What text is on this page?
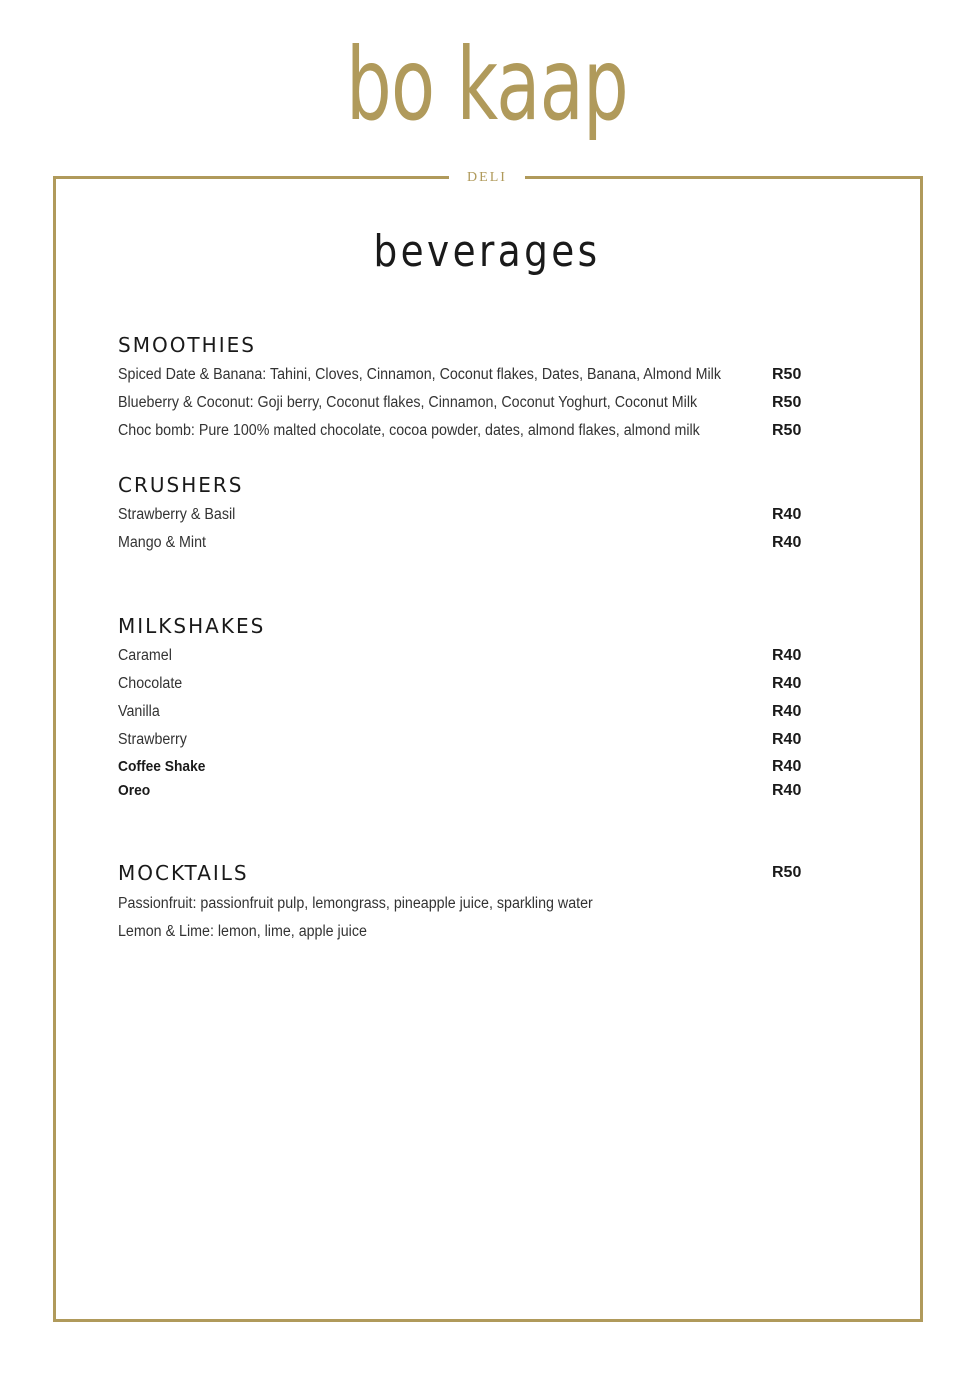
bo kaap
DELI
beverages
SMOOTHIES
Spiced Date & Banana: Tahini, Cloves, Cinnamon, Coconut flakes, Dates, Banana, Almond Milk	R50
Blueberry & Coconut: Goji berry, Coconut flakes, Cinnamon, Coconut Yoghurt, Coconut Milk	R50
Choc bomb: Pure 100% malted chocolate, cocoa powder, dates, almond flakes, almond milk	R50
CRUSHERS
Strawberry & Basil	R40
Mango & Mint	R40
MILKSHAKES
Caramel	R40
Chocolate	R40
Vanilla	R40
Strawberry	R40
Coffee Shake	R40
Oreo	R40
MOCKTAILS	R50
Passionfruit: passionfruit pulp, lemongrass, pineapple juice, sparkling water
Lemon & Lime: lemon, lime, apple juice
